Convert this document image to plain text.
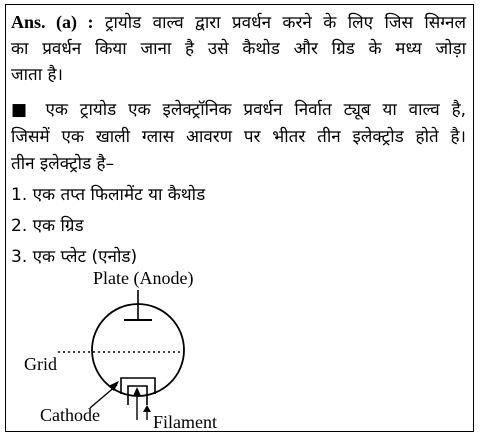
Ans. (a) : ट्रायोड वाल्व द्वारा प्रवर्धन करने के लिए जिस सिग्नल
का प्रवर्धन किया जाना है उसे कैथोड और ग्रिड के मध्य जोड़ा
जाता है।
■ एक ट्रायोड एक इलेक्ट्रॉनिक प्रवर्धन निर्वात ट्यूब या वाल्व है,
जिसमें एक खाली ग्लास आवरण पर भीतर तीन इलेक्ट्रोड होते है।
तीन इलेक्ट्रोड है–
1. एक तप्त फिलामेंट या कैथोड
2. एक ग्रिड
3. एक प्लेट (एनोड)
Plate (Anode)
Grid
Cathode	Filament
